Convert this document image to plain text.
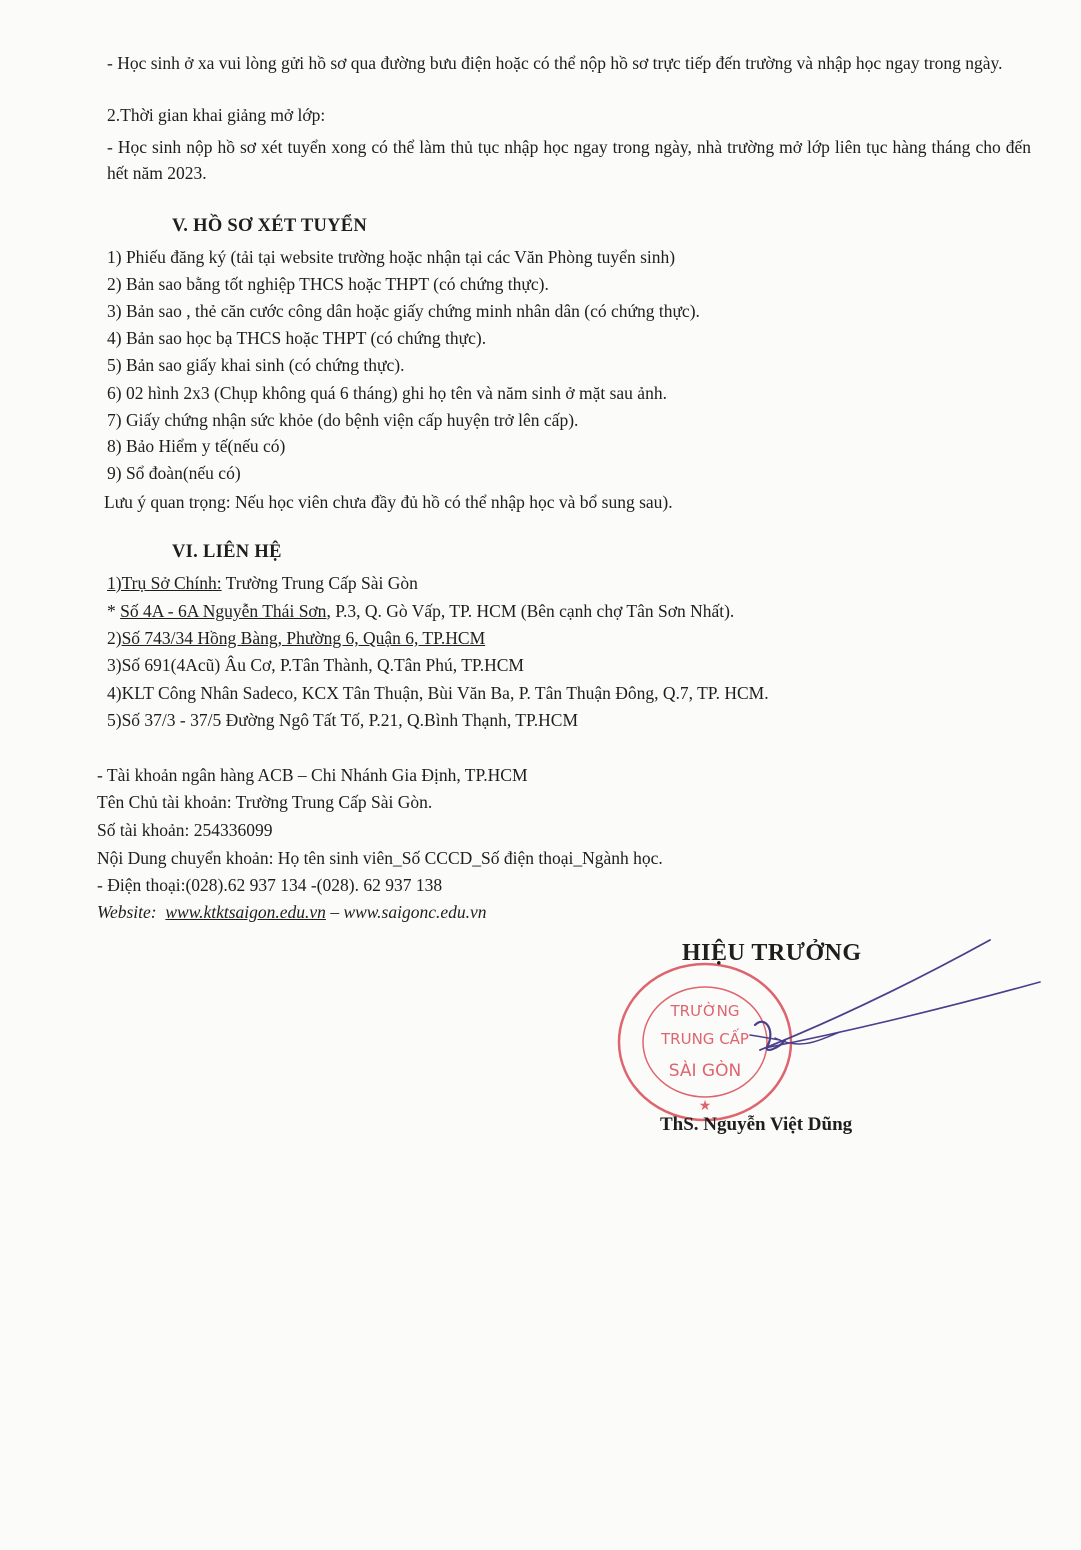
- Học sinh ở xa vui lòng gửi hồ sơ qua đường bưu điện hoặc có thể nộp hồ sơ trực tiếp đến trường và nhập học ngay trong ngày.
2.Thời gian khai giảng mở lớp:
- Học sinh nộp hồ sơ xét tuyển xong có thể làm thủ tục nhập học ngay trong ngày, nhà trường mở lớp liên tục hàng tháng cho đến hết năm 2023.
V. HỒ SƠ XÉT TUYỂN
1) Phiếu đăng ký (tải tại website trường hoặc nhận tại các Văn Phòng tuyển sinh)
2) Bản sao bằng tốt nghiệp THCS hoặc THPT (có chứng thực).
3) Bản sao , thẻ căn cước công dân hoặc giấy chứng minh nhân dân (có chứng thực).
4) Bản sao học bạ THCS hoặc THPT (có chứng thực).
5) Bản sao giấy khai sinh (có chứng thực).
6) 02 hình 2x3 (Chụp không quá 6 tháng) ghi họ tên và năm sinh ở mặt sau ảnh.
7) Giấy chứng nhận sức khỏe (do bệnh viện cấp huyện trở lên cấp).
8) Bảo Hiểm y tế(nếu có)
9) Sổ đoàn(nếu có)
Lưu ý quan trọng: Nếu học viên chưa đầy đủ hồ có thể nhập học và bổ sung sau).
VI. LIÊN HỆ
1)Trụ Sở Chính: Trường Trung Cấp Sài Gòn
* Số 4A - 6A Nguyễn Thái Sơn, P.3, Q. Gò Vấp, TP. HCM (Bên cạnh chợ Tân Sơn Nhất).
2)Số 743/34 Hồng Bàng, Phường 6, Quận 6, TP.HCM
3)Số 691(4Acũ) Âu Cơ, P.Tân Thành, Q.Tân Phú, TP.HCM
4)KLT Công Nhân Sadeco, KCX Tân Thuận, Bùi Văn Ba, P. Tân Thuận Đông, Q.7, TP. HCM.
5)Số 37/3 - 37/5 Đường Ngô Tất Tố, P.21, Q.Bình Thạnh, TP.HCM
- Tài khoản ngân hàng ACB – Chi Nhánh Gia Định, TP.HCM
Tên Chủ tài khoản: Trường Trung Cấp Sài Gòn.
Số tài khoản: 254336099
Nội Dung chuyển khoản: Họ tên sinh viên_Số CCCD_Số điện thoại_Ngành học.
- Điện thoại:(028).62 937 134 -(028). 62 937 138
Website: www.ktktsaigon.edu.vn – www.saigonc.edu.vn
TRƯỜNG
TRUNG CẤP
SÀI GÒN
★
HIỆU TRƯỞNG
ThS. Nguyễn Việt Dũng
